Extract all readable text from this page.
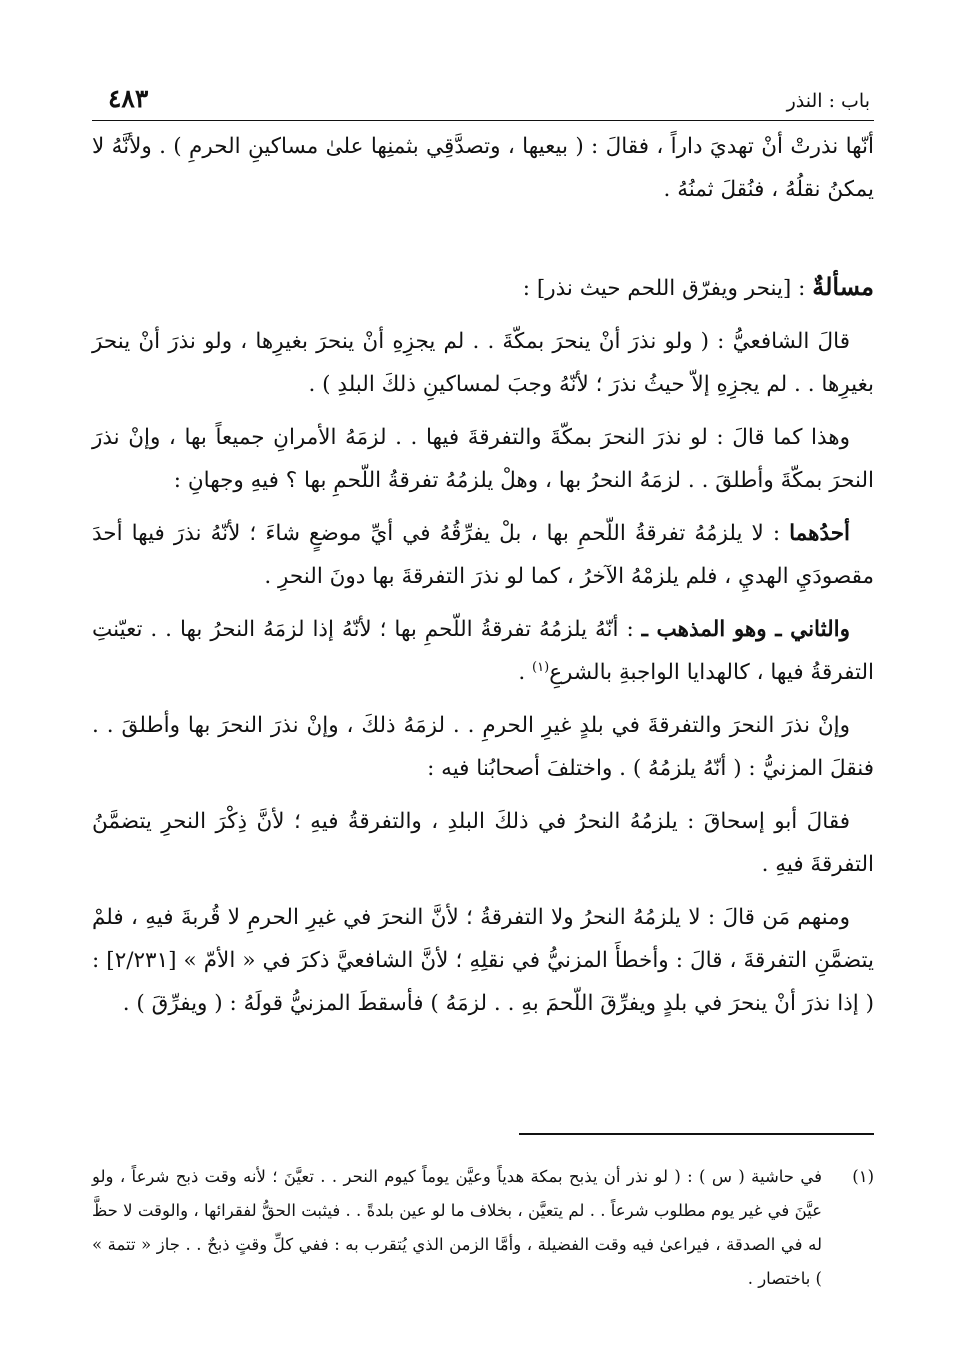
باب : النذر
٤٨٣

أنّها نذرتْ أنْ تهديَ داراً ، فقالَ : ( بيعيها ، وتصدَّقِي بثمنِها علىٰ مساكينِ الحرمِ ) . ولأنَّهُ لا يمكنُ نقلُهُ ، فنُقلَ ثمنُهُ .

مسألةٌ : [ينحر ويفرّق اللحم حيث نذر] :

قالَ الشافعيُّ : ( ولو نذرَ أنْ ينحرَ بمكّةَ . . لم يجزِهِ أنْ ينحرَ بغيرِها ، ولو نذرَ أنْ ينحرَ بغيرِها . . لم يجزِهِ إلاّ حيثُ نذرَ ؛ لأنّهُ وجبَ لمساكينِ ذلكَ البلدِ ) .

وهذا كما قالَ : لو نذرَ النحرَ بمكّةَ والتفرقةَ فيها . . لزمَهُ الأمرانِ جميعاً بها ، وإنْ نذرَ النحرَ بمكّةَ وأطلقَ . . لزمَهُ النحرُ بها ، وهلْ يلزمُهُ تفرقةُ اللّحمِ بها ؟ فيهِ وجهانِ :

أحدُهما : لا يلزمُهُ تفرقةُ اللّحمِ بها ، بلْ يفرِّقُهُ في أيِّ موضعٍ شاءَ ؛ لأنّهُ نذرَ فيها أحدَ مقصودَيِ الهديِ ، فلم يلزمْهُ الآخرُ ، كما لو نذرَ التفرقةَ بها دونَ النحرِ .

والثاني ـ وهو المذهب ـ : أنّهُ يلزمُهُ تفرقةُ اللّحمِ بها ؛ لأنّهُ إذا لزمَهُ النحرُ بها . . تعيّنتِ التفرقةُ فيها ، كالهدايا الواجبةِ بالشرعِ$^{(١)}$ .

وإنْ نذرَ النحرَ والتفرقةَ في بلدٍ غيرِ الحرمِ . . لزمَهُ ذلكَ ، وإنْ نذرَ النحرَ بها وأطلقَ . . فنقلَ المزنيُّ : ( أنّهُ يلزمُهُ ) . واختلفَ أصحابُنا فيه :

فقالَ أبو إسحاقَ : يلزمُهُ النحرُ في ذلكَ البلدِ ، والتفرقةُ فيهِ ؛ لأنَّ ذِكْرَ النحرِ يتضمَّنُ التفرقةَ فيهِ .

ومنهم مَن قالَ : لا يلزمُهُ النحرُ ولا التفرقةُ ؛ لأنَّ النحرَ في غيرِ الحرمِ لا قُربةَ فيهِ ، فلمْ يتضمَّنِ التفرقةَ ، قالَ : وأخطأَ المزنيُّ في نقلِهِ ؛ لأنَّ الشافعيَّ ذكرَ في « الأمّ » [٢/٢٣١] : ( إذا نذرَ أنْ ينحرَ في بلدٍ ويفرِّقَ اللّحمَ بهِ . . لزمَهُ ) فأسقطَ المزنيُّ قولَهُ : ( ويفرِّقَ ) .

(١)
في حاشية ( س ) : ( لو نذر أن يذبح بمكة هدياً وعيَّن يوماً كيوم النحر . . تعيَّنَ ؛ لأنه وقت ذبح شرعاً ، ولو عيَّنَ في غير يوم مطلوب شرعاً . . لم يتعيَّن ، بخلاف ما لو عين بلدةً . . فيثبت الحقُّ لفقرائها ، والوقت لا حظَّ له في الصدقة ، فيراعىٰ فيه وقت الفضيلة ، وأمَّا الزمن الذي يُتقرب به : ففي كلِّ وقتٍ ذبحٌ . . جاز « تتمة » ) باختصار .
